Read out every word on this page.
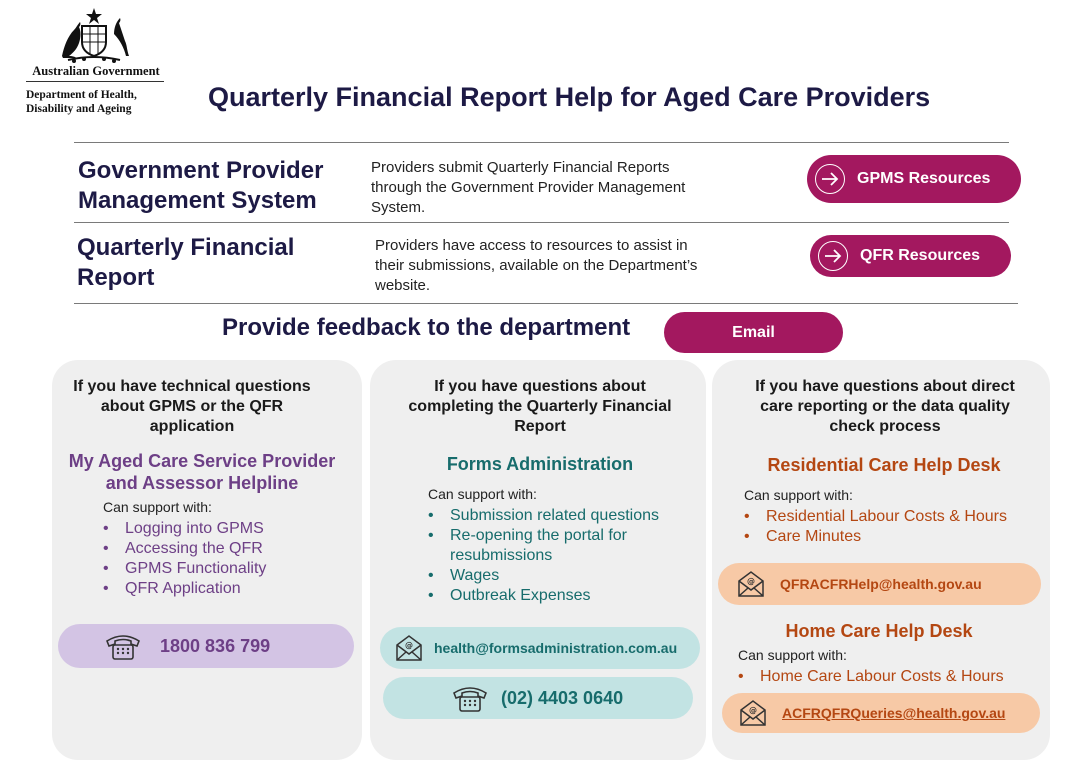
Australian Government
Department of Health,
Disability and Ageing	Quarterly Financial Report Help for Aged Care Providers
Government Provider
Management System
Providers submit Quarterly Financial Reports
through the Government Provider Management
System.
GPMS Resources
Quarterly Financial
Report
Providers have access to resources to assist in
their submissions, available on the Department’s
website.
QFR Resources
Provide feedback to the department	Email
If you have technical questions
about GPMS or the QFR
application
My Aged Care Service Provider
and Assessor Helpline
Can support with:
• Logging into GPMS
• Accessing the QFR
• GPMS Functionality
• QFR Application
1800 836 799
If you have questions about
completing the Quarterly Financial
Report
Forms Administration
Can support with:
• Submission related questions
• Re-opening the portal for
resubmissions
• Wages
• Outbreak Expenses
@ health@formsadministration.com.au
(02) 4403 0640
If you have questions about direct
care reporting or the data quality
check process
Residential Care Help Desk
Can support with:
• Residential Labour Costs & Hours
• Care Minutes
@ QFRACFRHelp@health.gov.au
Home Care Help Desk
Can support with:
• Home Care Labour Costs & Hours
@ ACFRQFRQueries@health.gov.au
